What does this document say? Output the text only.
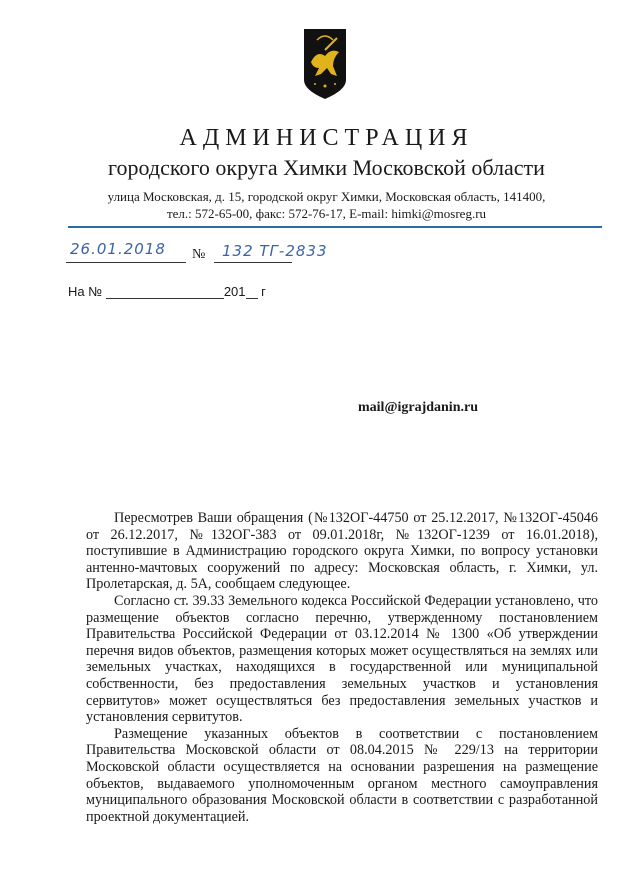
АДМИНИСТРАЦИЯ
городского округа Химки Московской области
улица Московская, д. 15, городской округ Химки, Московская область, 141400,
тел.: 572-65-00, факс: 572-76-17, E-mail: himki@mosreg.ru
26.01.2018 № 132 ТГ-2833
На №	201 г
mail@igrajdanin.ru

Пересмотрев Ваши обращения (№132ОГ-44750 от 25.12.2017, №132ОГ-45046 от 26.12.2017, №132ОГ-383 от 09.01.2018г, №132ОГ-1239 от 16.01.2018), поступившие в Администрацию городского округа Химки, по вопросу установки антенно-мачтовых сооружений по адресу: Московская область, г. Химки, ул. Пролетарская, д. 5А, сообщаем следующее.

Согласно ст. 39.33 Земельного кодекса Российской Федерации установлено, что размещение объектов согласно перечню, утвержденному постановлением Правительства Российской Федерации от 03.12.2014 № 1300 «Об утверждении перечня видов объектов, размещения которых может осуществляться на землях или земельных участках, находящихся в государственной или муниципальной собственности, без предоставления земельных участков и установления сервитутов» может осуществляться без предоставления земельных участков и установления сервитутов.

Размещение указанных объектов в соответствии с постановлением Правительства Московской области от 08.04.2015 № 229/13 на территории Московской области осуществляется на основании разрешения на размещение объектов, выдаваемого уполномоченным органом местного самоуправления муниципального образования Московской области в соответствии с разработанной проектной документацией.
